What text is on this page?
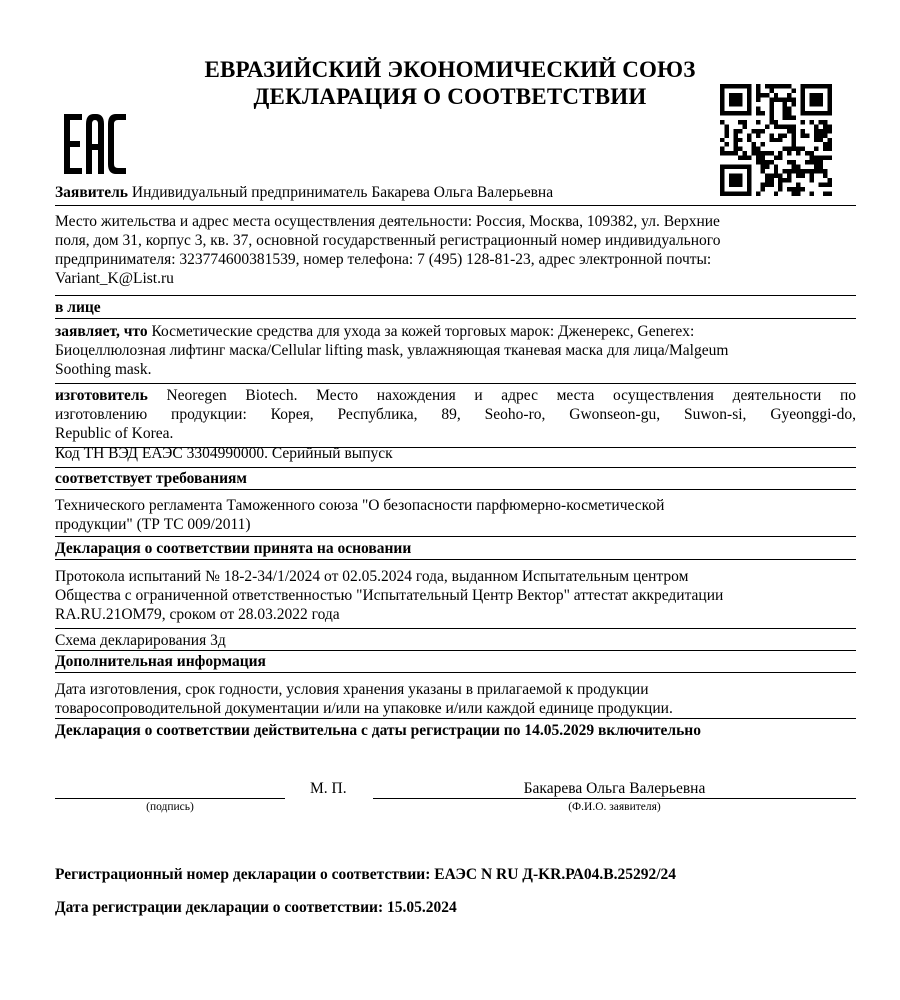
ЕВРАЗИЙСКИЙ ЭКОНОМИЧЕСКИЙ СОЮЗ
ДЕКЛАРАЦИЯ О СООТВЕТСТВИИ
Заявитель Индивидуальный предприниматель Бакарева Ольга Валерьевна
Место жительства и адрес места осуществления деятельности: Россия, Москва, 109382, ул. Верхние
поля, дом 31, корпус 3, кв. 37, основной государственный регистрационный номер индивидуального
предпринимателя: 323774600381539, номер телефона: 7 (495) 128-81-23, адрес электронной почты:
Variant_K@List.ru
в лице
заявляет, что Косметические средства для ухода за кожей торговых марок: Дженерекс, Generex:
Биоцеллюлозная лифтинг маска/Cellular lifting mask, увлажняющая тканевая маска для лица/Malgeum
Soothing mask.
изготовитель Neoregen Biotech. Место нахождения и адрес места осуществления деятельности по
изготовлению продукции: Корея, Республика, 89, Seoho-ro, Gwonseon-gu, Suwon-si, Gyeonggi-do,
Republic of Korea.
Код ТН ВЭД ЕАЭС 3304990000. Серийный выпуск
соответствует требованиям
Технического регламента Таможенного союза "О безопасности парфюмерно-косметической
продукции" (ТР ТС 009/2011)
Декларация о соответствии принята на основании
Протокола испытаний № 18-2-34/1/2024 от 02.05.2024 года, выданном Испытательным центром
Общества с ограниченной ответственностью "Испытательный Центр Вектор" аттестат аккредитации
RA.RU.21OM79, сроком от 28.03.2022 года
Схема декларирования 3д
Дополнительная информация
Дата изготовления, срок годности, условия хранения указаны в прилагаемой к продукции
товаросопроводительной документации и/или на упаковке и/или каждой единице продукции.
Декларация о соответствии действительна с даты регистрации по 14.05.2029 включительно
(подпись)
М. П.	Бакарева Ольга Валерьевна
(Ф.И.О. заявителя)
Регистрационный номер декларации о соответствии: ЕАЭС N RU Д-KR.РА04.В.25292/24
Дата регистрации декларации о соответствии: 15.05.2024
